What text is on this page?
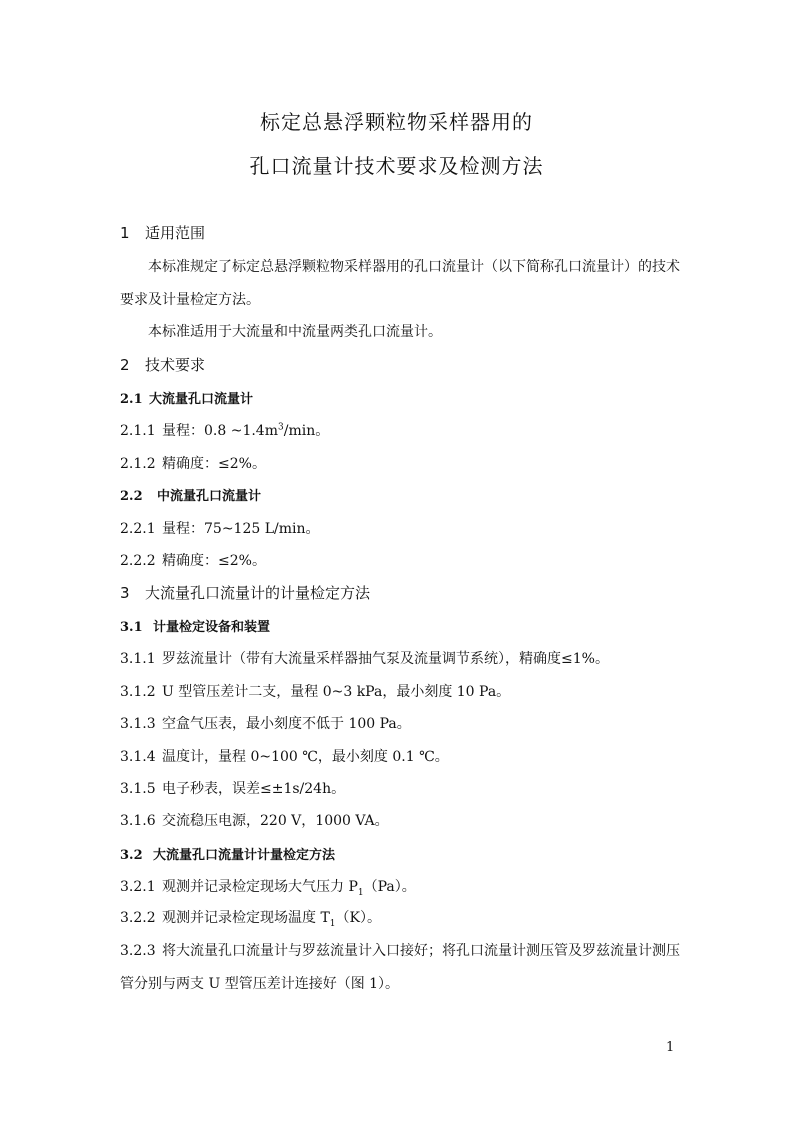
标定总悬浮颗粒物采样器用的
孔口流量计技术要求及检测方法
1 适用范围
本标准规定了标定总悬浮颗粒物采样器用的孔口流量计（以下简称孔口流量计）的技术
要求及计量检定方法。
本标准适用于大流量和中流量两类孔口流量计。
2 技术要求
2.1 大流量孔口流量计
2.1.1 量程：0.8 $\sim 1.4m^3/\min$。
2.1.2 精确度：≤2%。
2.2 中流量孔口流量计
2.2.1 量程：75~125 L/min。
2.2.2 精确度：≤2%。
3 大流量孔口流量计的计量检定方法
3.1 计量检定设备和装置
3.1.1 罗兹流量计（带有大流量采样器抽气泵及流量调节系统），精确度≤1%。
3.1.2 U 型管压差计二支，量程 0~3 kPa，最小刻度 10 Pa。
3.1.3 空盒气压表，最小刻度不低于 100 Pa。
3.1.4 温度计，量程 0~100 ℃，最小刻度 0.1 ℃。
3.1.5 电子秒表，误差≤±1s/24h。
3.1.6 交流稳压电源，220 V，1000 VA。
3.2 大流量孔口流量计计量检定方法
3.2.1 观测并记录检定现场大气压力 $P_1(Pa)$。
3.2.2 观测并记录检定现场温度 $T_1(K)$。
3.2.3 将大流量孔口流量计与罗兹流量计入口接好；将孔口流量计测压管及罗兹流量计测压
管分别与两支 U 型管压差计连接好（图 1）。
1
